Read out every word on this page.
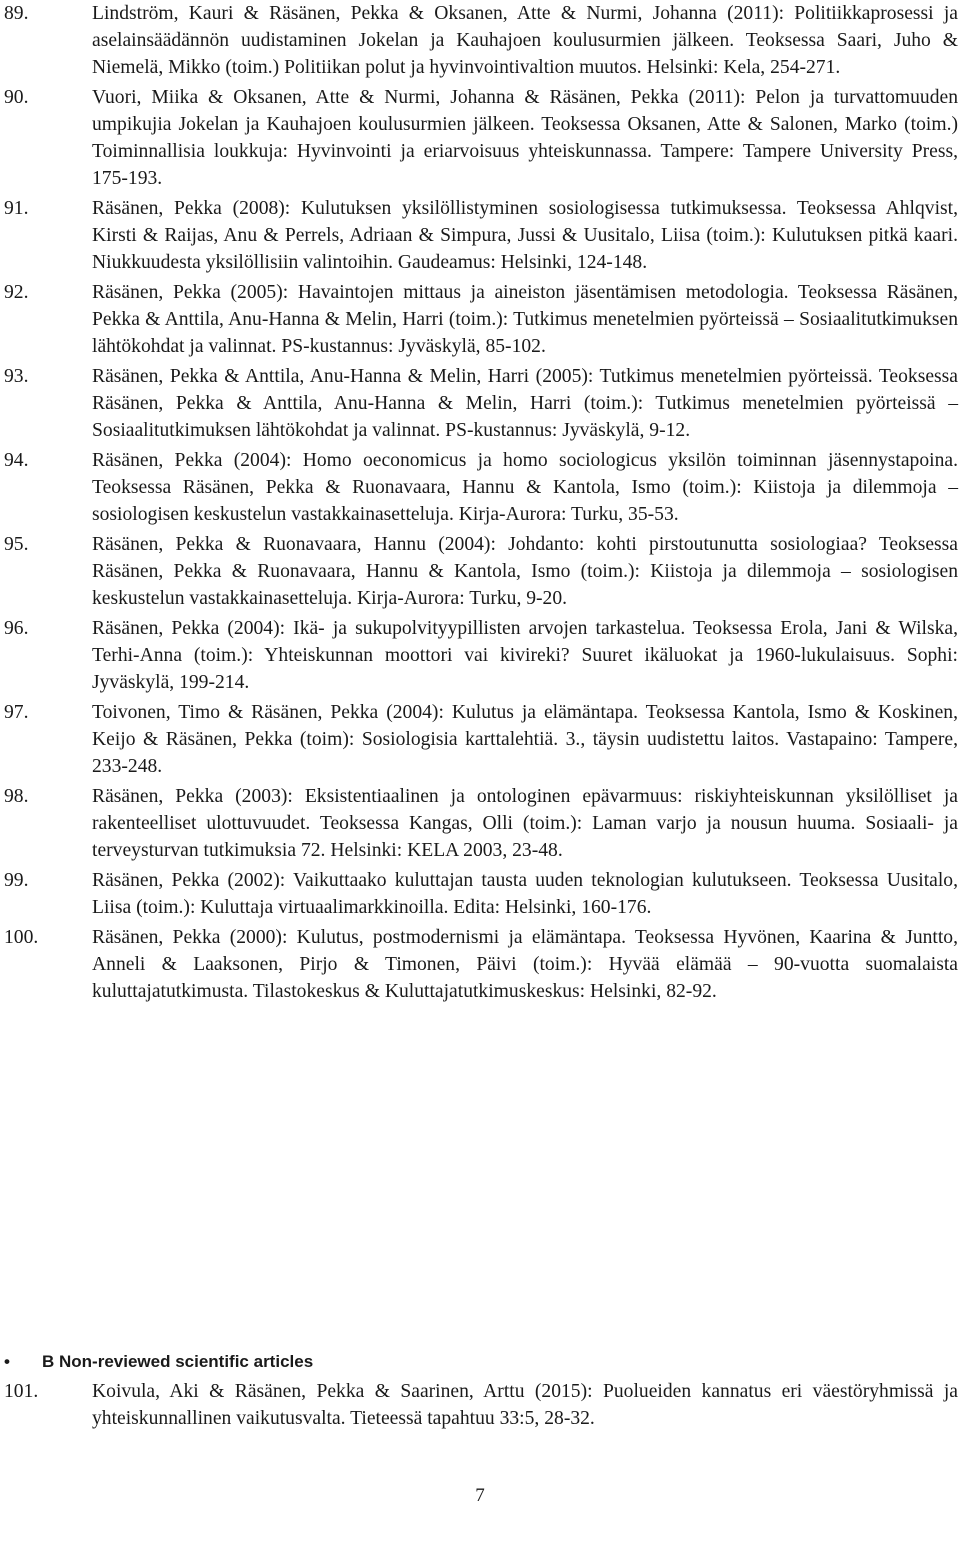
89.	Lindström, Kauri & Räsänen, Pekka & Oksanen, Atte & Nurmi, Johanna (2011): Politiikkaprosessi ja aselainsäädännön uudistaminen Jokelan ja Kauhajoen koulusurmien jälkeen. Teoksessa Saari, Juho & Niemelä, Mikko (toim.) Politiikan polut ja hyvinvointivaltion muutos. Helsinki: Kela, 254-271.
90.	Vuori, Miika & Oksanen, Atte & Nurmi, Johanna & Räsänen, Pekka (2011): Pelon ja turvattomuuden umpikujia Jokelan ja Kauhajoen koulusurmien jälkeen. Teoksessa Oksanen, Atte & Salonen, Marko (toim.) Toiminnallisia loukkuja: Hyvinvointi ja eriarvoisuus yhteiskunnassa. Tampere: Tampere University Press, 175-193.
91.	Räsänen, Pekka (2008): Kulutuksen yksilöllistyminen sosiologisessa tutkimuksessa. Teoksessa Ahlqvist, Kirsti & Raijas, Anu & Perrels, Adriaan & Simpura, Jussi & Uusitalo, Liisa (toim.): Kulutuksen pitkä kaari. Niukkuudesta yksilöllisiin valintoihin. Gaudeamus: Helsinki, 124-148.
92.	Räsänen, Pekka (2005): Havaintojen mittaus ja aineiston jäsentämisen metodologia. Teoksessa Räsänen, Pekka & Anttila, Anu-Hanna & Melin, Harri (toim.): Tutkimus menetelmien pyörteissä – Sosiaalitutkimuksen lähtökohdat ja valinnat. PS-kustannus: Jyväskylä, 85-102.
93.	Räsänen, Pekka & Anttila, Anu-Hanna & Melin, Harri (2005): Tutkimus menetelmien pyörteissä. Teoksessa Räsänen, Pekka & Anttila, Anu-Hanna & Melin, Harri (toim.): Tutkimus menetelmien pyörteissä – Sosiaalitutkimuksen lähtökohdat ja valinnat. PS-kustannus: Jyväskylä, 9-12.
94.	Räsänen, Pekka (2004): Homo oeconomicus ja homo sociologicus yksilön toiminnan jäsennystapoina. Teoksessa Räsänen, Pekka & Ruonavaara, Hannu & Kantola, Ismo (toim.): Kiistoja ja dilemmoja – sosiologisen keskustelun vastakkainasetteluja. Kirja-Aurora: Turku, 35-53.
95.	Räsänen, Pekka & Ruonavaara, Hannu (2004): Johdanto: kohti pirstoutunutta sosiologiaa? Teoksessa Räsänen, Pekka & Ruonavaara, Hannu & Kantola, Ismo (toim.): Kiistoja ja dilemmoja – sosiologisen keskustelun vastakkainasetteluja. Kirja-Aurora: Turku, 9-20.
96.	Räsänen, Pekka (2004): Ikä- ja sukupolvityypillisten arvojen tarkastelua. Teoksessa Erola, Jani & Wilska, Terhi-Anna (toim.): Yhteiskunnan moottori vai kivireki? Suuret ikäluokat ja 1960-lukulaisuus. Sophi: Jyväskylä, 199-214.
97.	Toivonen, Timo & Räsänen, Pekka (2004): Kulutus ja elämäntapa. Teoksessa Kantola, Ismo & Koskinen, Keijo & Räsänen, Pekka (toim): Sosiologisia karttalehtiä. 3., täysin uudistettu laitos. Vastapaino: Tampere, 233-248.
98.	Räsänen, Pekka (2003): Eksistentiaalinen ja ontologinen epävarmuus: riskiyhteiskunnan yksilölliset ja rakenteelliset ulottuvuudet. Teoksessa Kangas, Olli (toim.): Laman varjo ja nousun huuma. Sosiaali- ja terveysturvan tutkimuksia 72. Helsinki: KELA 2003, 23-48.
99.	Räsänen, Pekka (2002): Vaikuttaako kuluttajan tausta uuden teknologian kulutukseen. Teoksessa Uusitalo, Liisa (toim.): Kuluttaja virtuaalimarkkinoilla. Edita: Helsinki, 160-176.
100.	Räsänen, Pekka (2000): Kulutus, postmodernismi ja elämäntapa. Teoksessa Hyvönen, Kaarina & Juntto, Anneli & Laaksonen, Pirjo & Timonen, Päivi (toim.): Hyvää elämää – 90-vuotta suomalaista kuluttajatutkimusta. Tilastokeskus & Kuluttajatutkimuskeskus: Helsinki, 82-92.
• B Non-reviewed scientific articles
101.	Koivula, Aki & Räsänen, Pekka & Saarinen, Arttu (2015): Puolueiden kannatus eri väestöryhmissä ja yhteiskunnallinen vaikutusvalta. Tieteessä tapahtuu 33:5, 28-32.
7
